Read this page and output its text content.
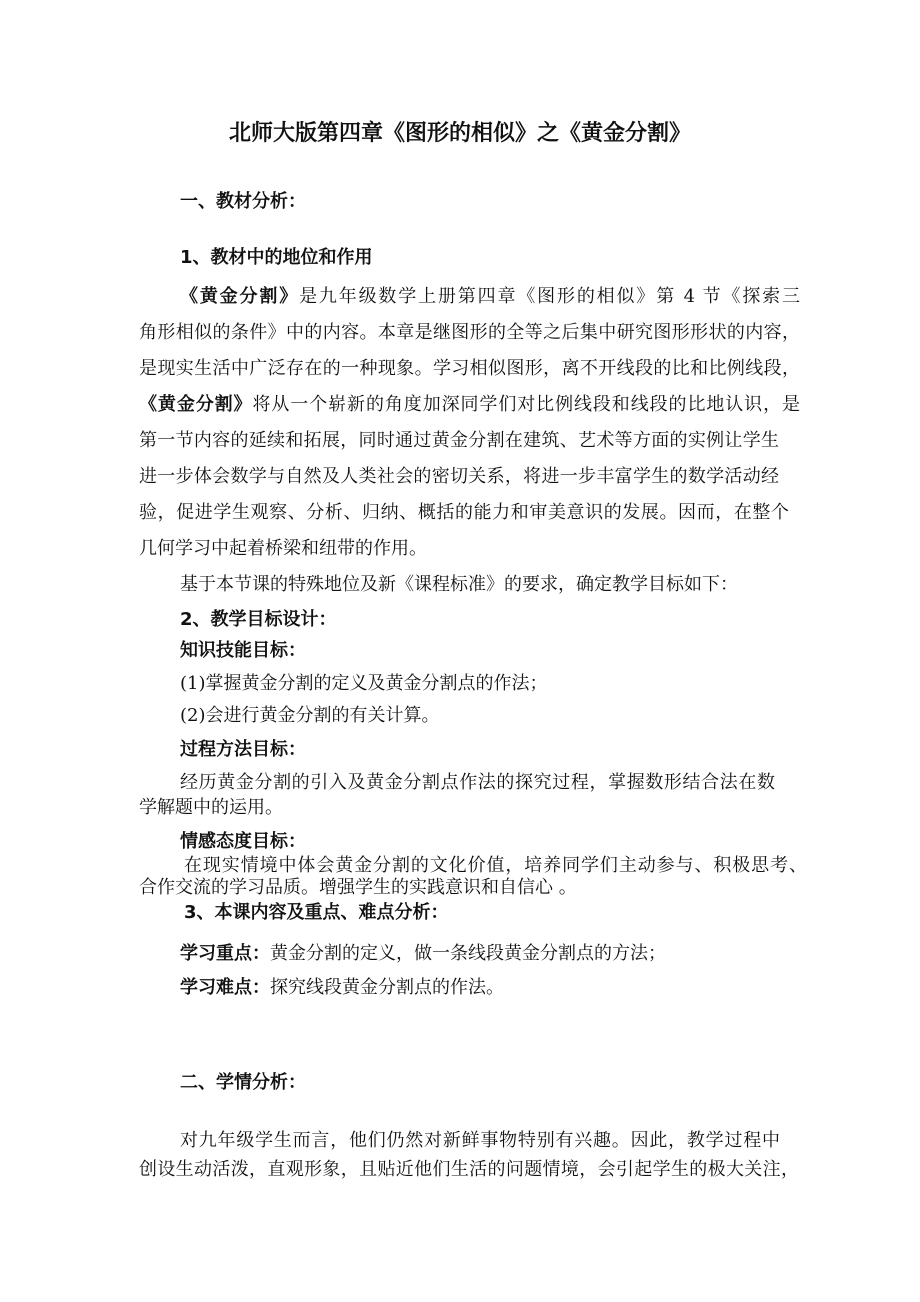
北师大版第四章《图形的相似》之《黄金分割》
一、教材分析：
1、教材中的地位和作用
《黄金分割》是九年级数学上册第四章《图形的相似》第 4 节《探索三
角形相似的条件》中的内容。本章是继图形的全等之后集中研究图形形状的内容，
是现实生活中广泛存在的一种现象。学习相似图形，离不开线段的比和比例线段，
《黄金分割》将从一个崭新的角度加深同学们对比例线段和线段的比地认识，是
第一节内容的延续和拓展，同时通过黄金分割在建筑、艺术等方面的实例让学生
进一步体会数学与自然及人类社会的密切关系，将进一步丰富学生的数学活动经
验，促进学生观察、分析、归纳、概括的能力和审美意识的发展。因而，在整个
几何学习中起着桥梁和纽带的作用。
基于本节课的特殊地位及新《课程标准》的要求，确定教学目标如下：
2、教学目标设计：
知识技能目标：
(1)掌握黄金分割的定义及黄金分割点的作法；
(2)会进行黄金分割的有关计算。
过程方法目标：
经历黄金分割的引入及黄金分割点作法的探究过程，掌握数形结合法在数
学解题中的运用。
情感态度目标：
在现实情境中体会黄金分割的文化价值，培养同学们主动参与、积极思考、
合作交流的学习品质。增强学生的实践意识和自信心 。
3、本课内容及重点、难点分析：
学习重点：黄金分割的定义，做一条线段黄金分割点的方法；
学习难点：探究线段黄金分割点的作法。
二、学情分析：
对九年级学生而言，他们仍然对新鲜事物特别有兴趣。因此，教学过程中
创设生动活泼，直观形象，且贴近他们生活的问题情境，会引起学生的极大关注，
